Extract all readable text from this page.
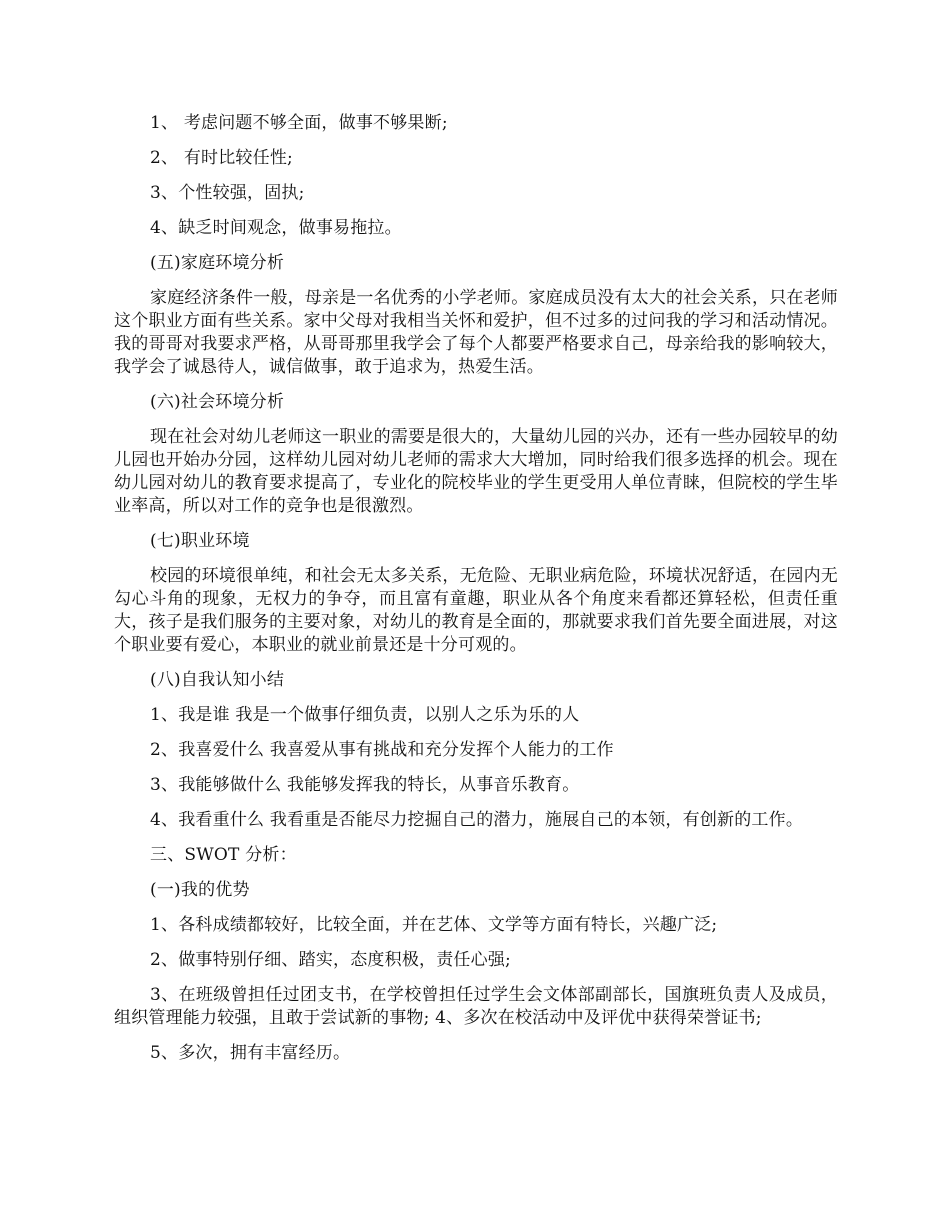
1、 考虑问题不够全面，做事不够果断;

2、 有时比较任性;

3、个性较强，固执;

4、缺乏时间观念，做事易拖拉。

(五)家庭环境分析

家庭经济条件一般，母亲是一名优秀的小学老师。家庭成员没有太大的社会关系，只在老师这个职业方面有些关系。家中父母对我相当关怀和爱护，但不过多的过问我的学习和活动情况。我的哥哥对我要求严格，从哥哥那里我学会了每个人都要严格要求自己，母亲给我的影响较大，我学会了诚恳待人，诚信做事，敢于追求为，热爱生活。

(六)社会环境分析

现在社会对幼儿老师这一职业的需要是很大的，大量幼儿园的兴办，还有一些办园较早的幼儿园也开始办分园，这样幼儿园对幼儿老师的需求大大增加，同时给我们很多选择的机会。现在幼儿园对幼儿的教育要求提高了，专业化的院校毕业的学生更受用人单位青睐，但院校的学生毕业率高，所以对工作的竞争也是很激烈。

(七)职业环境

校园的环境很单纯，和社会无太多关系，无危险、无职业病危险，环境状况舒适，在园内无勾心斗角的现象，无权力的争夺，而且富有童趣，职业从各个角度来看都还算轻松，但责任重大，孩子是我们服务的主要对象，对幼儿的教育是全面的，那就要求我们首先要全面进展，对这个职业要有爱心，本职业的就业前景还是十分可观的。

(八)自我认知小结

1、我是谁 我是一个做事仔细负责，以别人之乐为乐的人

2、我喜爱什么 我喜爱从事有挑战和充分发挥个人能力的工作

3、我能够做什么 我能够发挥我的特长，从事音乐教育。

4、我看重什么 我看重是否能尽力挖掘自己的潜力，施展自己的本领，有创新的工作。

三、SWOT 分析：

(一)我的优势

1、各科成绩都较好，比较全面，并在艺体、文学等方面有特长，兴趣广泛;

2、做事特别仔细、踏实，态度积极，责任心强;

3、在班级曾担任过团支书，在学校曾担任过学生会文体部副部长，国旗班负责人及成员，组织管理能力较强，且敢于尝试新的事物; 4、多次在校活动中及评优中获得荣誉证书;

5、多次，拥有丰富经历。
